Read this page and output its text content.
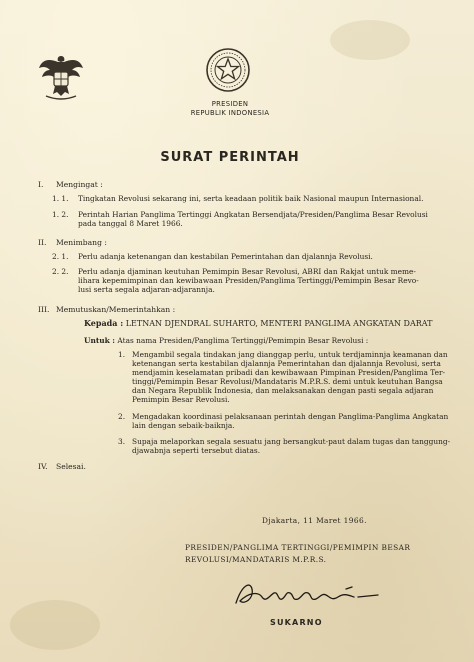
PRESIDEN
REPUBLIK INDONESIA
SURAT PERINTAH
I. Mengingat :
1. 1. Tingkatan Revolusi sekarang ini, serta keadaan politik baik Nasional maupun Internasional.
1. 2. Perintah Harian Panglima Tertinggi Angkatan Bersendjata/Presiden/Panglima Besar Revolusi
pada tanggal 8 Maret 1966.
II. Menimbang :
2. 1. Perlu adanja ketenangan dan kestabilan Pemerintahan dan djalannja Revolusi.
2. 2. Perlu adanja djaminan keutuhan Pemimpin Besar Revolusi, ABRI dan Rakjat untuk meme-
lihara kepemimpinan dan kewibawaan Presiden/Panglima Tertinggi/Pemimpin Besar Revo-
lusi serta segala adjaran-adjarannja.
III. Memutuskan/Memerintahkan :
Kepada : LETNAN DJENDRAL SUHARTO, MENTERI PANGLIMA ANGKATAN DARAT
Untuk : Atas nama Presiden/Panglima Tertinggi/Pemimpin Besar Revolusi :
1. Mengambil segala tindakan jang dianggap perlu, untuk terdjaminnja keamanan dan
ketenangan serta kestabilan djalannja Pemerintahan dan djalannja Revolusi, serta
mendjamin keselamatan pribadi dan kewibawaan Pimpinan Presiden/Panglima Ter-
tinggi/Pemimpin Besar Revolusi/Mandataris M.P.R.S. demi untuk keutuhan Bangsa
dan Negara Republik Indonesia, dan melaksanakan dengan pasti segala adjaran
Pemimpin Besar Revolusi.
2. Mengadakan koordinasi pelaksanaan perintah dengan Panglima-Panglima Angkatan
lain dengan sebaik-baiknja.
3. Supaja melaporkan segala sesuatu jang bersangkut-paut dalam tugas dan tanggung-
djawabnja seperti tersebut diatas.
IV. Selesai.
Djakarta, 11 Maret 1966.
PRESIDEN/PANGLIMA TERTINGGI/PEMIMPIN BESAR
REVOLUSI/MANDATARIS M.P.R.S.
SUKARNO
